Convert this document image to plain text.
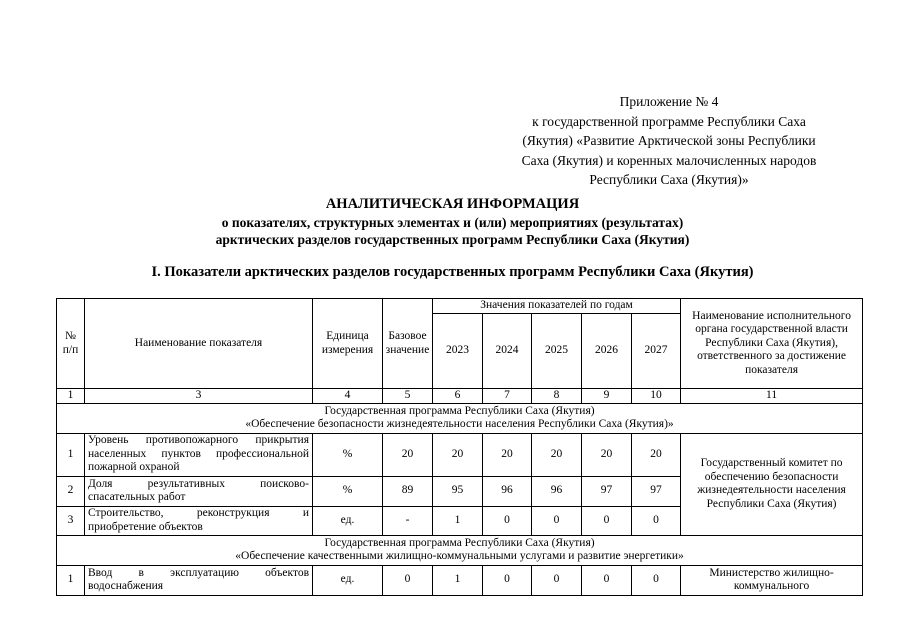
Приложение № 4
к государственной программе Республики Саха
(Якутия) «Развитие Арктической зоны Республики
Саха (Якутия) и коренных малочисленных народов
Республики Саха (Якутия)»
АНАЛИТИЧЕСКАЯ ИНФОРМАЦИЯ
о показателях, структурных элементах и (или) мероприятиях (результатах)
арктических разделов государственных программ Республики Саха (Якутия)
I. Показатели арктических разделов государственных программ Республики Саха (Якутия)
№ п/п	Наименование показателя	Единица измерения	Базовое значение	Значения показателей по годам					Наименование исполнительного органа государственной власти Республики Саха (Якутия), ответственного за достижение показателя
				2023	2024	2025	2026	2027	
1	3	4	5	6	7	8	9	10	11

Государственная программа Республики Саха (Якутия)
«Обеспечение безопасности жизнедеятельности населения Республики Саха (Якутия)»									

1	Уровень противопожарного прикрытия населенных пунктов профессиональной пожарной охраной	%	20	20	20	20	20	20	Государственный комитет по обеспечению безопасности жизнедеятельности населения Республики Саха (Якутия)
2	Доля результативных поисково-спасательных работ	%	89	95	96	96	97	97	
3	Строительство, реконструкция и приобретение объектов	ед.	-	1	0	0	0	0	

Государственная программа Республики Саха (Якутия)
«Обеспечение качественными жилищно-коммунальными услугами и развитие энергетики»									

1	Ввод в эксплуатацию объектов водоснабжения	ед.	0	1	0	0	0	0	Министерство жилищно-коммунального
